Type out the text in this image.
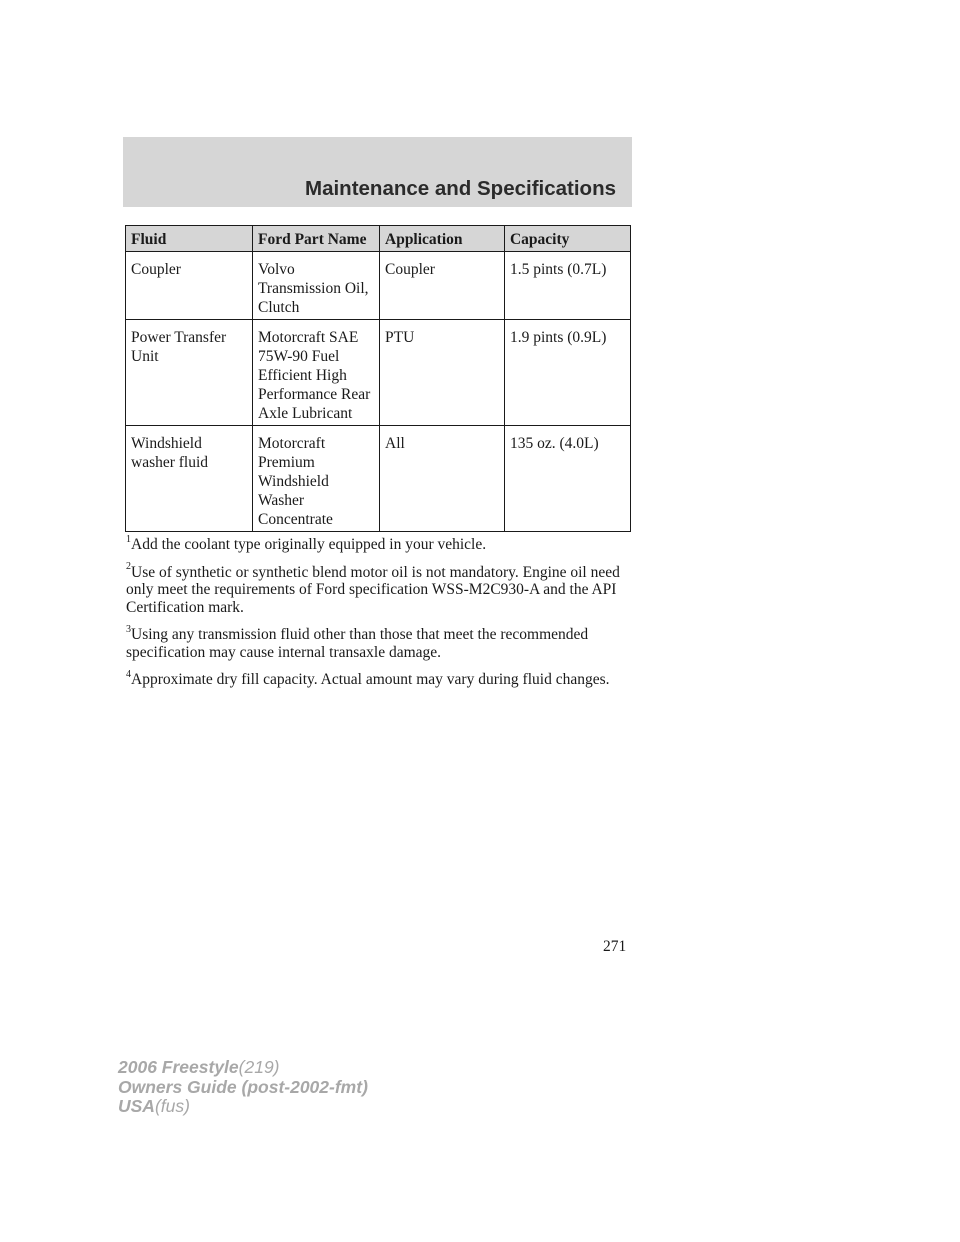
Maintenance and Specifications
Fluid	Ford Part Name	Application	Capacity
Coupler	Volvo Transmission Oil, Clutch	Coupler	1.5 pints (0.7L)
Power Transfer Unit	Motorcraft SAE 75W-90 Fuel Efficient High Performance Rear Axle Lubricant	PTU	1.9 pints (0.9L)
Windshield washer fluid	Motorcraft Premium Windshield Washer Concentrate	All	135 oz. (4.0L)

$^1$Add the coolant type originally equipped in your vehicle.

$^2$Use of synthetic or synthetic blend motor oil is not mandatory. Engine oil need only meet the requirements of Ford specification WSS-M2C930-A and the API Certification mark.

$^3$Using any transmission fluid other than those that meet the recommended specification may cause internal transaxle damage.

$^4$Approximate dry fill capacity. Actual amount may vary during fluid changes.

271
2006 Freestyle(219)
Owners Guide (post-2002-fmt)
USA(fus)
